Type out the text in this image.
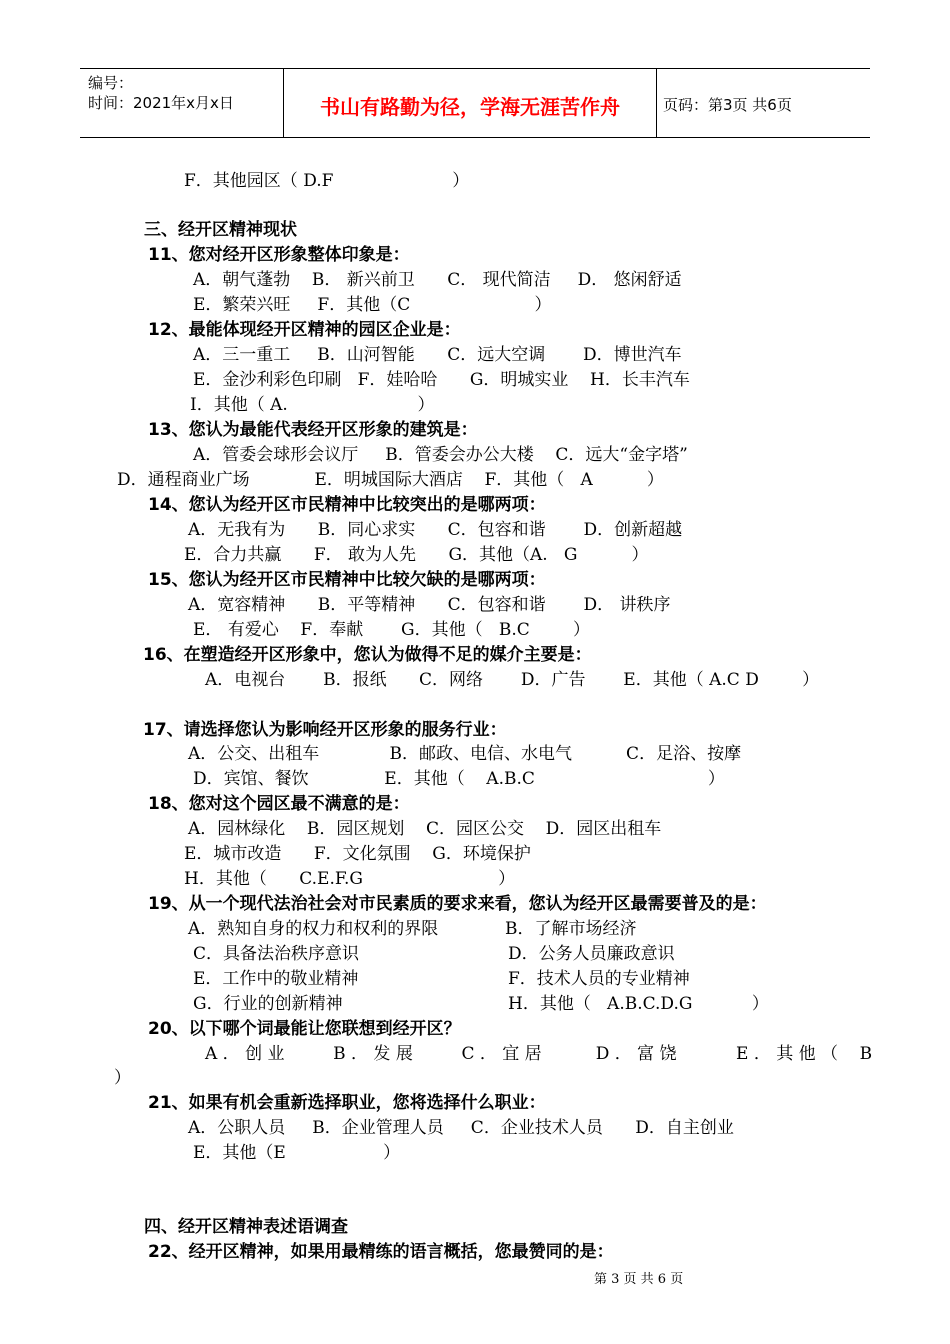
编号：
时间：2021年x月x日	书山有路勤为径，学海无涯苦作舟	页码：第3页 共6页
F．其他园区（ D.F                      ）
三、经开区精神现状
11、您对经开区形象整体印象是：
A．朝气蓬勃    B． 新兴前卫      C． 现代简洁     D． 悠闲舒适
E．繁荣兴旺     F．其他（C                       ）
12、最能体现经开区精神的园区企业是：
A．三一重工     B．山河智能      C．远大空调       D．博世汽车
E．金沙利彩色印刷   F．娃哈哈      G．明城实业    H．长丰汽车
I．其他（ A.                        ）
13、您认为最能代表经开区形象的建筑是：
A．管委会球形会议厅     B．管委会办公大楼    C．远大“金字塔”
D．通程商业广场            E．明城国际大酒店    F．其他（   A          ）
14、您认为经开区市民精神中比较突出的是哪两项：
A．无我有为      B．同心求实      C．包容和谐       D．创新超越
E．合力共赢      F． 敢为人先      G．其他（A.   G          ）
15、您认为经开区市民精神中比较欠缺的是哪两项：
A．宽容精神      B．平等精神      C．包容和谐       D． 讲秩序
E． 有爱心    F．奉献       G．其他（   B.C        ）
16、在塑造经开区形象中，您认为做得不足的媒介主要是：
A．电视台       B．报纸      C．网络       D．广告       E．其他（ A.C D        ）
17、请选择您认为影响经开区形象的服务行业：
A．公交、出租车             B．邮政、电信、水电气          C．足浴、按摩
D．宾馆、餐饮              E．其他（    A.B.C                                ）
18、您对这个园区最不满意的是：
A．园林绿化    B．园区规划    C．园区公交    D．园区出租车
E．城市改造      F．文化氛围    G．环境保护
H．其他（      C.E.F.G                         ）
19、从一个现代法治社会对市民素质的要求来看，您认为经开区最需要普及的是：
A．熟知自身的权力和权利的界限	B．了解市场经济
C．具备法治秩序意识	D．公务人员廉政意识
E．工作中的敬业精神	F．技术人员的专业精神
G．行业的创新精神	H．其他（   A.B.C.D.G           ）
20、以下哪个词最能让您联想到经开区？
A ． 创 业         B ． 发 展         C ． 宜 居          D ． 富 饶           E ． 其 他 （    B
）
21、如果有机会重新选择职业，您将选择什么职业：
A．公职人员     B．企业管理人员     C．企业技术人员      D．自主创业
E．其他（E                  ）
四、经开区精神表述语调查
22、经开区精神，如果用最精练的语言概括，您最赞同的是：
第 3 页 共 6 页
